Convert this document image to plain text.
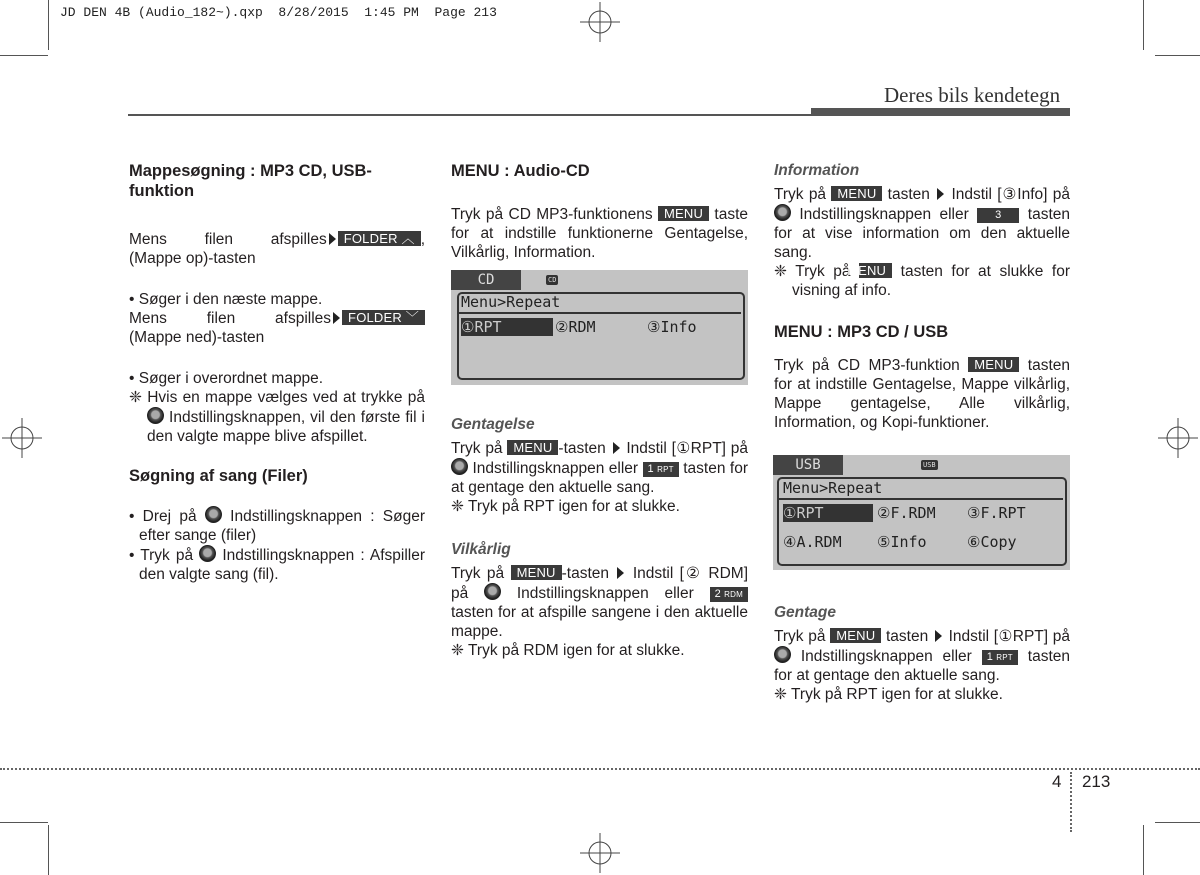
JD DEN 4B (Audio_182~).qxp  8/28/2015  1:45 PM  Page 213
Deres bils kendetegn
Mappesøgning : MP3 CD, USB-
funktion

Mens filen afspilles FOLDER ︿ ,

(Mappe op)-tasten

• Søger i den næste mappe.

Mens filen afspilles FOLDER ﹀

(Mappe ned)-tasten

• Søger i overordnet mappe.

❈ Hvis en mappe vælges ved at trykke på  Indstillingsknappen, vil den første fil i den valgte mappe blive afspillet.

Søgning af sang (Filer)

• Drej på Indstillingsknappen : Søger efter sange (filer)

• Tryk på Indstillingsknappen : Afspiller den valgte sang (fil).

MENU : Audio-CD

Tryk på CD MP3-funktionens MENU taste for at indstille funktionerne Gentagelse, Vilkårlig, Information.

CD	CD
Menu>Repeat
①RPT	②RDM	③Info
Gentagelse

Tryk på MENU -tasten Indstil [①RPT] på  Indstillingsknappen eller 1 RPT tasten for at gentage den aktuelle sang.

❈ Tryk på RPT igen for at slukke.

Vilkårlig

Tryk på MENU -tasten Indstil [② RDM] på	Indstillingsknappen eller 2 RDM tasten for at afspille sangene i den aktuelle mappe.

❈ Tryk på RDM igen for at slukke.

Information

Tryk på MENU tasten Indstil [③Info] på  Indstillingsknappen eller 3 tasten for at vise information om den aktuelle sang.

❈ Tryk på MENU tasten for at slukke for visning af info.

MENU : MP3 CD / USB

Tryk på CD MP3-funktion MENU tasten for at indstille Gentagelse, Mappe vilkårlig, Mappe gentagelse, Alle vilkårlig, Information, og Kopi-funktioner.

USB	USB
Menu>Repeat
①RPT	②F.RDM ③F.RPT
④A.RDM ⑤Info	⑥Copy
Gentage

Tryk på MENU tasten Indstil [①RPT] på  Indstillingsknappen eller 1 RPT tasten for at gentage den aktuelle sang.

❈ Tryk på RPT igen for at slukke.

4 213
